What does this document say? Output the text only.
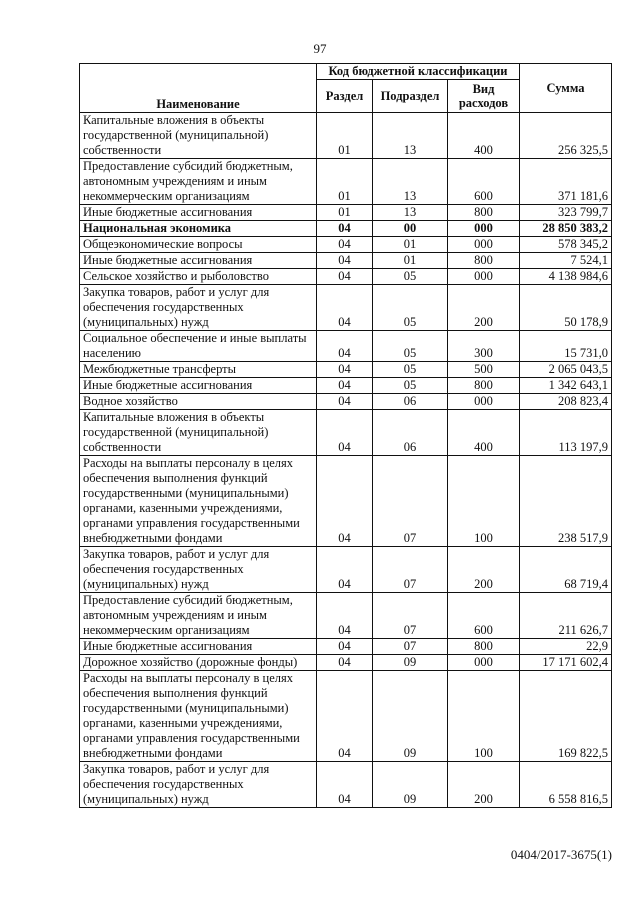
97
Наименование	Код бюджетной классификации			Сумма
	Раздел	Подраздел	Вид расходов	
Капитальные вложения в объекты государственной (муниципальной) собственности	01	13	400	256 325,5
Предоставление субсидий бюджетным, автономным учреждениям и иным некоммерческим организациям	01	13	600	371 181,6
Иные бюджетные ассигнования	01	13	800	323 799,7
Национальная экономика	04	00	000	28 850 383,2
Общеэкономические вопросы	04	01	000	578 345,2
Иные бюджетные ассигнования	04	01	800	7 524,1
Сельское хозяйство и рыболовство	04	05	000	4 138 984,6
Закупка товаров, работ и услуг для обеспечения государственных (муниципальных) нужд	04	05	200	50 178,9
Социальное обеспечение и иные выплаты населению	04	05	300	15 731,0
Межбюджетные трансферты	04	05	500	2 065 043,5
Иные бюджетные ассигнования	04	05	800	1 342 643,1
Водное хозяйство	04	06	000	208 823,4
Капитальные вложения в объекты государственной (муниципальной) собственности	04	06	400	113 197,9
Расходы на выплаты персоналу в целях обеспечения выполнения функций государственными (муниципальными) органами, казенными учреждениями, органами управления государственными внебюджетными фондами	04	07	100	238 517,9
Закупка товаров, работ и услуг для обеспечения государственных (муниципальных) нужд	04	07	200	68 719,4
Предоставление субсидий бюджетным, автономным учреждениям и иным некоммерческим организациям	04	07	600	211 626,7
Иные бюджетные ассигнования	04	07	800	22,9
Дорожное хозяйство (дорожные фонды)	04	09	000	17 171 602,4
Расходы на выплаты персоналу в целях обеспечения выполнения функций государственными (муниципальными) органами, казенными учреждениями, органами управления государственными внебюджетными фондами	04	09	100	169 822,5
Закупка товаров, работ и услуг для обеспечения государственных (муниципальных) нужд	04	09	200	6 558 816,5
0404/2017-3675(1)
